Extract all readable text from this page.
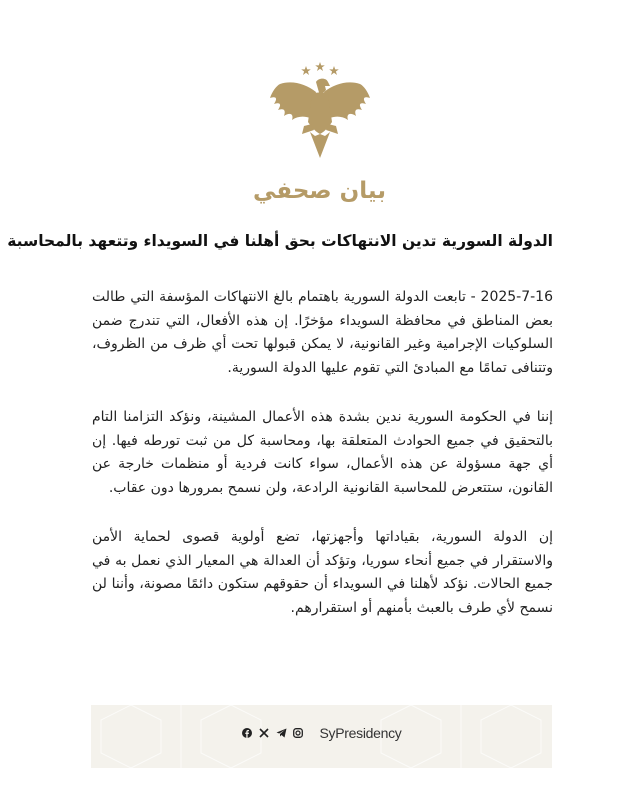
بيان صحفي
الدولة السورية تدين الانتهاكات بحق أهلنا في السويداء وتتعهد بالمحاسبة

2025-7-16 - تابعت الدولة السورية باهتمام بالغ الانتهاكات المؤسفة التي طالت بعض المناطق في محافظة السويداء مؤخرًا. إن هذه الأفعال، التي تندرج ضمن السلوكيات الإجرامية وغير القانونية، لا يمكن قبولها تحت أي ظرف من الظروف، وتتنافى تمامًا مع المبادئ التي تقوم عليها الدولة السورية.

إننا في الحكومة السورية ندين بشدة هذه الأعمال المشينة، ونؤكد التزامنا التام بالتحقيق في جميع الحوادث المتعلقة بها، ومحاسبة كل من ثبت تورطه فيها. إن أي جهة مسؤولة عن هذه الأعمال، سواء كانت فردية أو منظمات خارجة عن القانون، ستتعرض للمحاسبة القانونية الرادعة، ولن نسمح بمرورها دون عقاب.

إن الدولة السورية، بقياداتها وأجهزتها، تضع أولوية قصوى لحماية الأمن والاستقرار في جميع أنحاء سوريا، وتؤكد أن العدالة هي المعيار الذي نعمل به في جميع الحالات. نؤكد لأهلنا في السويداء أن حقوقهم ستكون دائمًا مصونة، وأننا لن نسمح لأي طرف بالعبث بأمنهم أو استقرارهم.

SyPresidency
